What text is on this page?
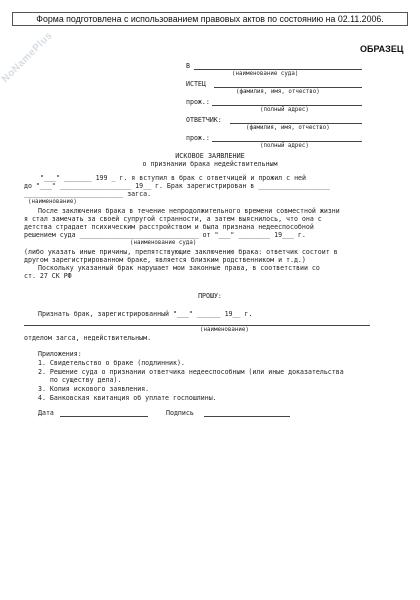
Форма подготовлена с использованием правовых актов по состоянию на 02.11.2006.
NoNamePlus	ОБРАЗЕЦ
В
(наименование суда)
ИСТЕЦ
(фамилия, имя, отчество)
прож.:
(полный адрес)
ОТВЕТЧИК:
(фамилия, имя, отчество)
прож.:
(полный адрес)
ИСКОВОЕ ЗАЯВЛЕНИЕ
о признании брака недействительным
"___" _______ 199 _ г. я вступил в брак с ответчицей и прожил с ней
до "___" __________________ 19__ г. Брак зарегистрирован в __________________
_________________________ загса.
(наименование)
После заключения брака в течение непродолжительного времени совместной жизни
я стал замечать за своей супругой странности, а затем выяснилось, что она с
детства страдает психическим расстройством и была признана недееспособной
решением суда ______________________________ от "___" ________ 19___ г.
(наименование суда)
(либо указать иные причины, препятствующие заключению брака: ответчик состоит в
другом зарегистрированном браке, является близким родственником и т.д.)
Поскольку указанный брак нарушает мои законные права, в соответствии со
ст. 27 СК РФ
ПРОШУ:
Признать брак, зарегистрированный "___" ______ 19__ г.
(наименование)
отделом загса, недействительным.
Приложения:
1. Свидетельство о браке (подлинник).
2. Решение суда о признании ответчика недееспособным (или иные доказательства
по существу дела).
3. Копия искового заявления.
4. Банковская квитанция об уплате госпошлины.
Дата	Подпись
